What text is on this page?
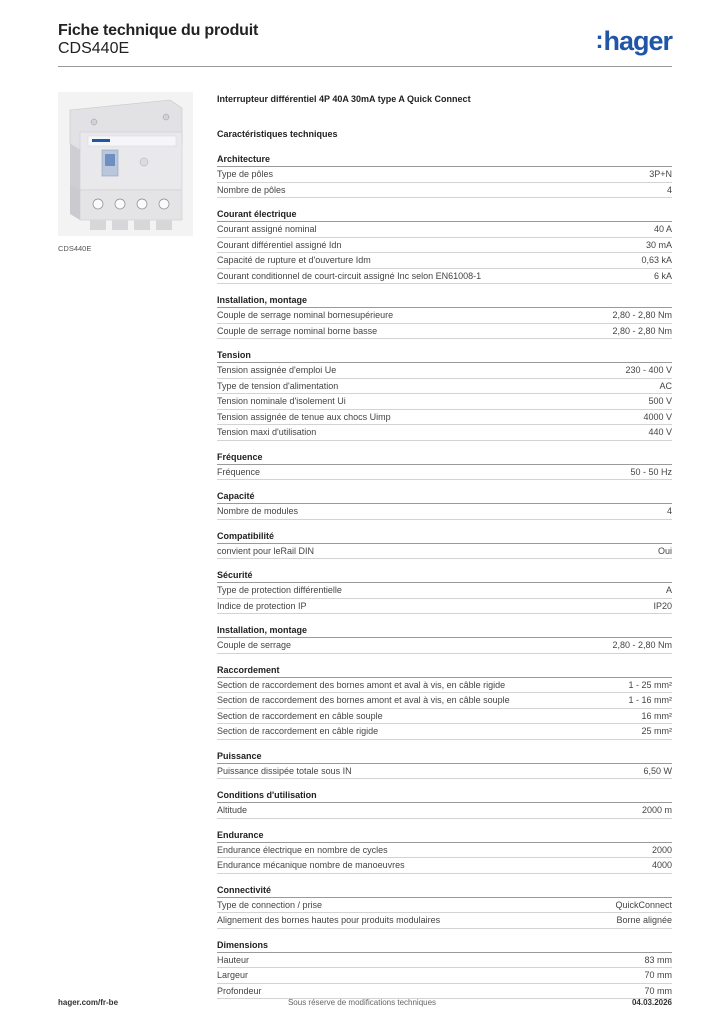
Fiche technique du produit
CDS440E	:hager
CDS440E
Interrupteur différentiel 4P 40A 30mA type A Quick Connect
Caractéristiques techniques
Architecture
Type de pôles	3P+N
Nombre de pôles	4
Courant électrique
Courant assigné nominal	40 A
Courant différentiel assigné Idn	30 mA
Capacité de rupture et d'ouverture Idm	0,63 kA
Courant conditionnel de court-circuit assigné Inc selon EN61008-1	6 kA
Installation, montage
Couple de serrage nominal bornesupérieure	2,80 - 2,80 Nm
Couple de serrage nominal borne basse	2,80 - 2,80 Nm
Tension
Tension assignée d'emploi Ue	230 - 400 V
Type de tension d'alimentation	AC
Tension nominale d'isolement Ui	500 V
Tension assignée de tenue aux chocs Uimp	4000 V
Tension maxi d'utilisation	440 V
Fréquence
Fréquence	50 - 50 Hz
Capacité
Nombre de modules	4
Compatibilité
convient pour leRail DIN	Oui
Sécurité
Type de protection différentielle	A
Indice de protection IP	IP20
Installation, montage
Couple de serrage	2,80 - 2,80 Nm
Raccordement
Section de raccordement des bornes amont et aval à vis, en câble rigide	1 - 25 mm²
Section de raccordement des bornes amont et aval à vis, en câble souple	1 - 16 mm²
Section de raccordement en câble souple	16 mm²
Section de raccordement en câble rigide	25 mm²
Puissance
Puissance dissipée totale sous IN	6,50 W
Conditions d'utilisation
Altitude	2000 m
Endurance
Endurance électrique en nombre de cycles	2000
Endurance mécanique nombre de manoeuvres	4000
Connectivité
Type de connection / prise	QuickConnect
Alignement des bornes hautes pour produits modulaires	Borne alignée
Dimensions
Hauteur	83 mm
Largeur	70 mm
Profondeur	70 mm
hager.com/fr-be	Sous réserve de modifications techniques	04.03.2026
